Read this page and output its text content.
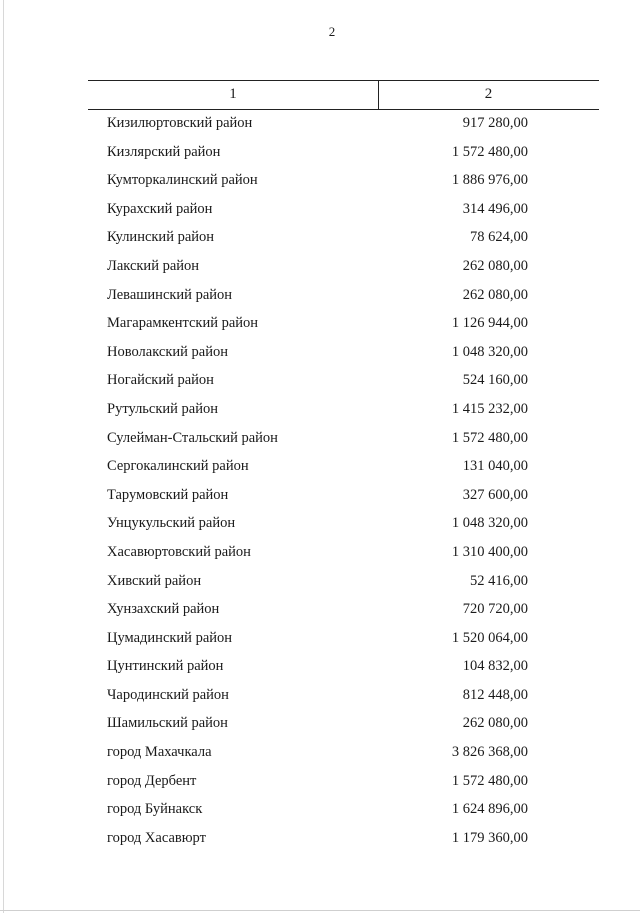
2
1	2
Кизилюртовский район	917 280,00
Кизлярский район	1 572 480,00
Кумторкалинский район	1 886 976,00
Курахский район	314 496,00
Кулинский район	78 624,00
Лакский район	262 080,00
Левашинский район	262 080,00
Магарамкентский район	1 126 944,00
Новолакский район	1 048 320,00
Ногайский район	524 160,00
Рутульский район	1 415 232,00
Сулейман-Стальский район	1 572 480,00
Сергокалинский район	131 040,00
Тарумовский район	327 600,00
Унцукульский район	1 048 320,00
Хасавюртовский район	1 310 400,00
Хивский район	52 416,00
Хунзахский район	720 720,00
Цумадинский район	1 520 064,00
Цунтинский район	104 832,00
Чародинский район	812 448,00
Шамильский район	262 080,00
город Махачкала	3 826 368,00
город Дербент	1 572 480,00
город Буйнакск	1 624 896,00
город Хасавюрт	1 179 360,00
